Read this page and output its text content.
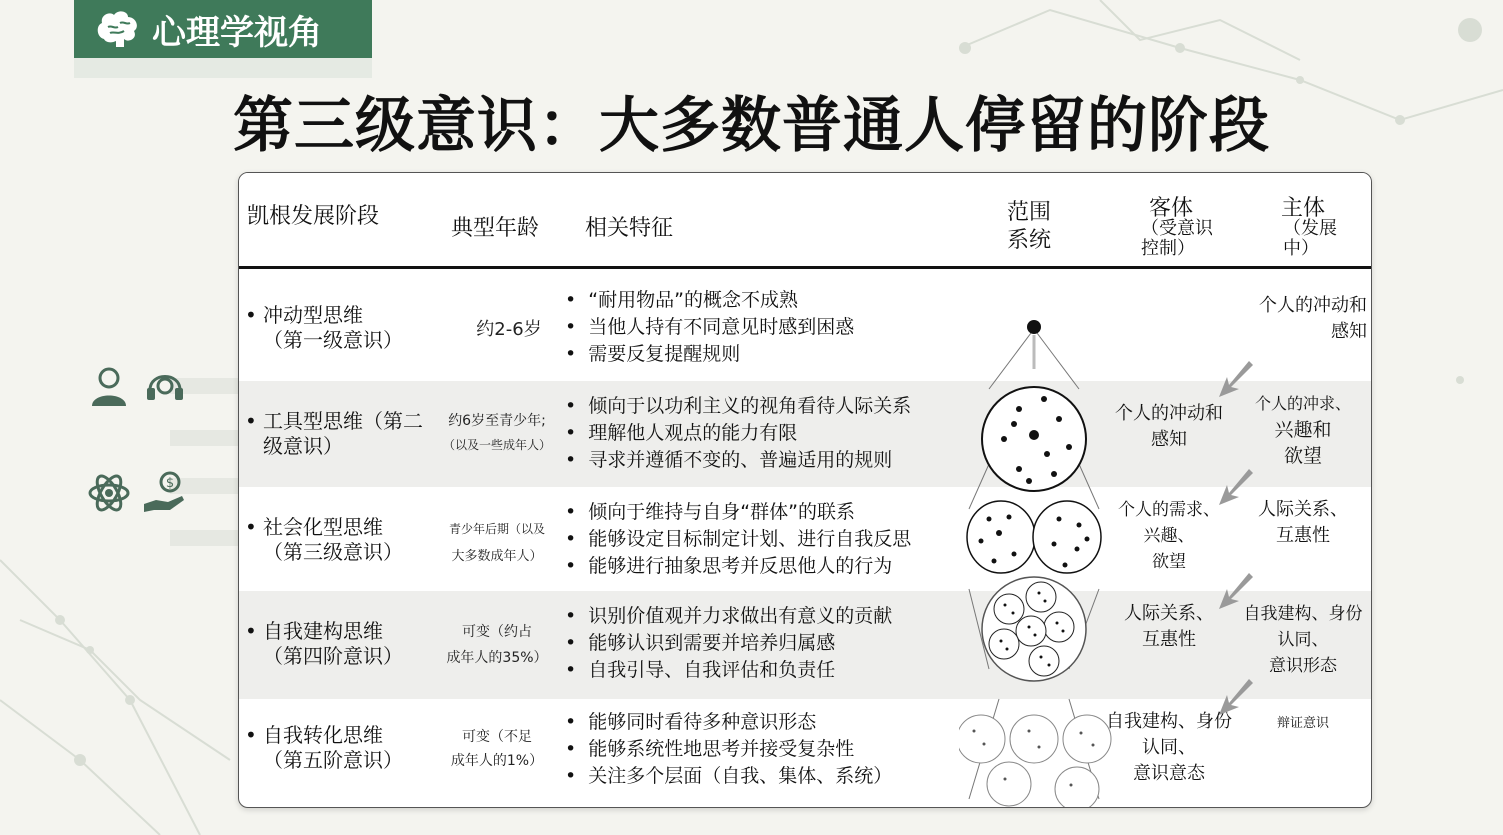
心理学视角
第三级意识：大多数普通人停留的阶段
$
凯根发展阶段	典型年龄 相关特征
范围
系统
客体
（受意识
控制）
主体
（发展
中）
• 冲动型思维
（第一级意识）	约2-6岁
•  “耐用物品”的概念不成熟
•  当他人持有不同意见时感到困惑
•  需要反复提醒规则
个人的冲动和
感知
• 工具型思维（第二
级意识）
约6岁至青少年;
（以及一些成年人）
•  倾向于以功利主义的视角看待人际关系
•  理解他人观点的能力有限
•  寻求并遵循不变的、普遍适用的规则
个人的冲动和
感知
个人的冲求、
兴趣和
欲望
• 社会化型思维
（第三级意识）
青少年后期（以及
大多数成年人）
•  倾向于维持与自身“群体”的联系
•  能够设定目标制定计划、进行自我反思
•  能够进行抽象思考并反思他人的行为
个人的需求、
兴趣、
欲望
人际关系、
互惠性
• 自我建构思维
（第四阶意识）
可变（约占
成年人的35%）
•  识别价值观并力求做出有意义的贡献
•  能够认识到需要并培养归属感
•  自我引导、自我评估和负责任
人际关系、
互惠性
自我建构、身份
认同、
意识形态
• 自我转化思维
（第五阶意识）
可变（不足
成年人的1%）
•  能够同时看待多种意识形态
•  能够系统性地思考并接受复杂性
•  关注多个层面（自我、集体、系统）
自我建构、身份
认同、
意识意态
辩证意识
